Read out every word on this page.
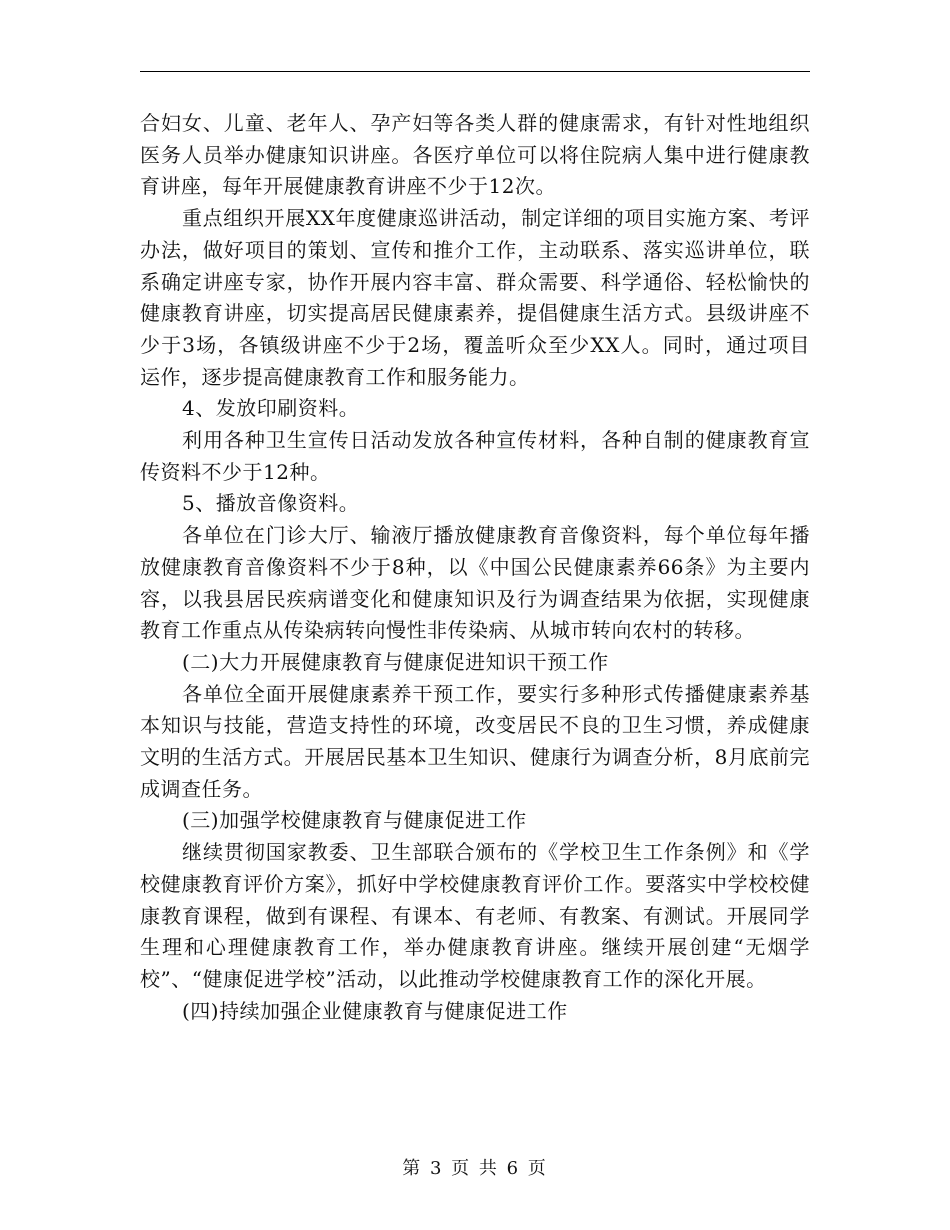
合妇女、儿童、老年人、孕产妇等各类人群的健康需求，有针对性地组织医务人员举办健康知识讲座。各医疗单位可以将住院病人集中进行健康教育讲座，每年开展健康教育讲座不少于12次。

重点组织开展XX年度健康巡讲活动，制定详细的项目实施方案、考评办法，做好项目的策划、宣传和推介工作，主动联系、落实巡讲单位，联系确定讲座专家，协作开展内容丰富、群众需要、科学通俗、轻松愉快的健康教育讲座，切实提高居民健康素养，提倡健康生活方式。县级讲座不少于3场，各镇级讲座不少于2场，覆盖听众至少XX人。同时，通过项目运作，逐步提高健康教育工作和服务能力。

4、发放印刷资料。

利用各种卫生宣传日活动发放各种宣传材料，各种自制的健康教育宣传资料不少于12种。

5、播放音像资料。

各单位在门诊大厅、输液厅播放健康教育音像资料，每个单位每年播放健康教育音像资料不少于8种，以《中国公民健康素养66条》为主要内容，以我县居民疾病谱变化和健康知识及行为调查结果为依据，实现健康教育工作重点从传染病转向慢性非传染病、从城市转向农村的转移。

(二)大力开展健康教育与健康促进知识干预工作

各单位全面开展健康素养干预工作，要实行多种形式传播健康素养基本知识与技能，营造支持性的环境，改变居民不良的卫生习惯，养成健康文明的生活方式。开展居民基本卫生知识、健康行为调查分析，8月底前完成调查任务。

(三)加强学校健康教育与健康促进工作

继续贯彻国家教委、卫生部联合颁布的《学校卫生工作条例》和《学校健康教育评价方案》，抓好中学校健康教育评价工作。要落实中学校校健康教育课程，做到有课程、有课本、有老师、有教案、有测试。开展同学生理和心理健康教育工作，举办健康教育讲座。继续开展创建“无烟学校”、“健康促进学校”活动，以此推动学校健康教育工作的深化开展。

(四)持续加强企业健康教育与健康促进工作

第 3 页 共 6 页
